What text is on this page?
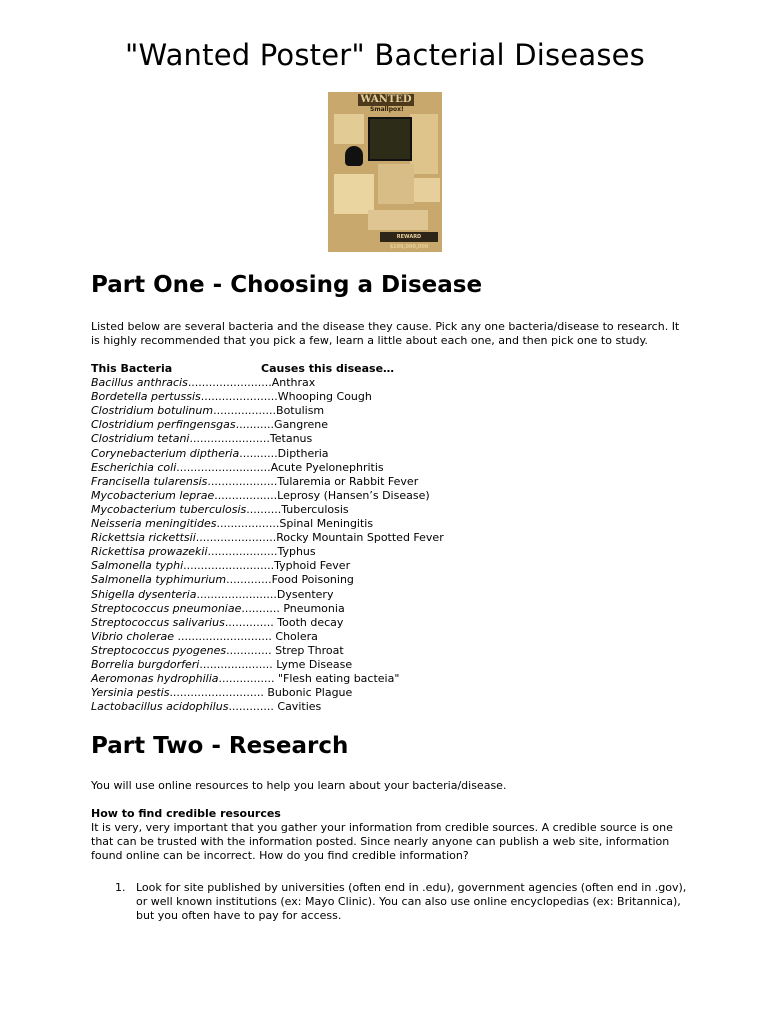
"Wanted Poster" Bacterial Diseases
WANTED
Smallpox!
REWARD $100,000,000
Part One - Choosing a Disease

Listed below are several bacteria and the disease they cause. Pick any one bacteria/disease to research. It is highly recommended that you pick a few, learn a little about each one, and then pick one to study.

This Bacteria	Causes this disease…
Bacillus anthracis........................Anthrax
Bordetella pertussis......................Whooping Cough
Clostridium botulinum..................Botulism
Clostridium perfingensgas...........Gangrene
Clostridium tetani.......................Tetanus
Corynebacterium diptheria...........Diptheria
Escherichia coli...........................Acute Pyelonephritis
Francisella tularensis....................Tularemia or Rabbit Fever
Mycobacterium leprae..................Leprosy (Hansen’s Disease)
Mycobacterium tuberculosis..........Tuberculosis
Neisseria meningitides..................Spinal Meningitis
Rickettsia rickettsii.......................Rocky Mountain Spotted Fever
Rickettisa prowazekii....................Typhus
Salmonella typhi..........................Typhoid Fever
Salmonella typhimurium.............Food Poisoning
Shigella dysenteria.......................Dysentery
Streptococcus pneumoniae........... Pneumonia
Streptococcus salivarius.............. Tooth decay
Vibrio cholerae ........................... Cholera
Streptococcus pyogenes............. Strep Throat
Borrelia burgdorferi..................... Lyme Disease
Aeromonas hydrophilia................ "Flesh eating bacteia"
Yersinia pestis........................... Bubonic Plague
Lactobacillus acidophilus............. Cavities
Part Two - Research

You will use online resources to help you learn about your bacteria/disease.

How to find credible resources

It is very, very important that you gather your information from credible sources. A credible source is one that can be trusted with the information posted. Since nearly anyone can publish a web site, information found online can be incorrect. How do you find credible information?

1. Look for site published by universities (often end in .edu), government agencies (often end in .gov), or well known institutions (ex: Mayo Clinic). You can also use online encyclopedias (ex: Britannica), but you often have to pay for access.
